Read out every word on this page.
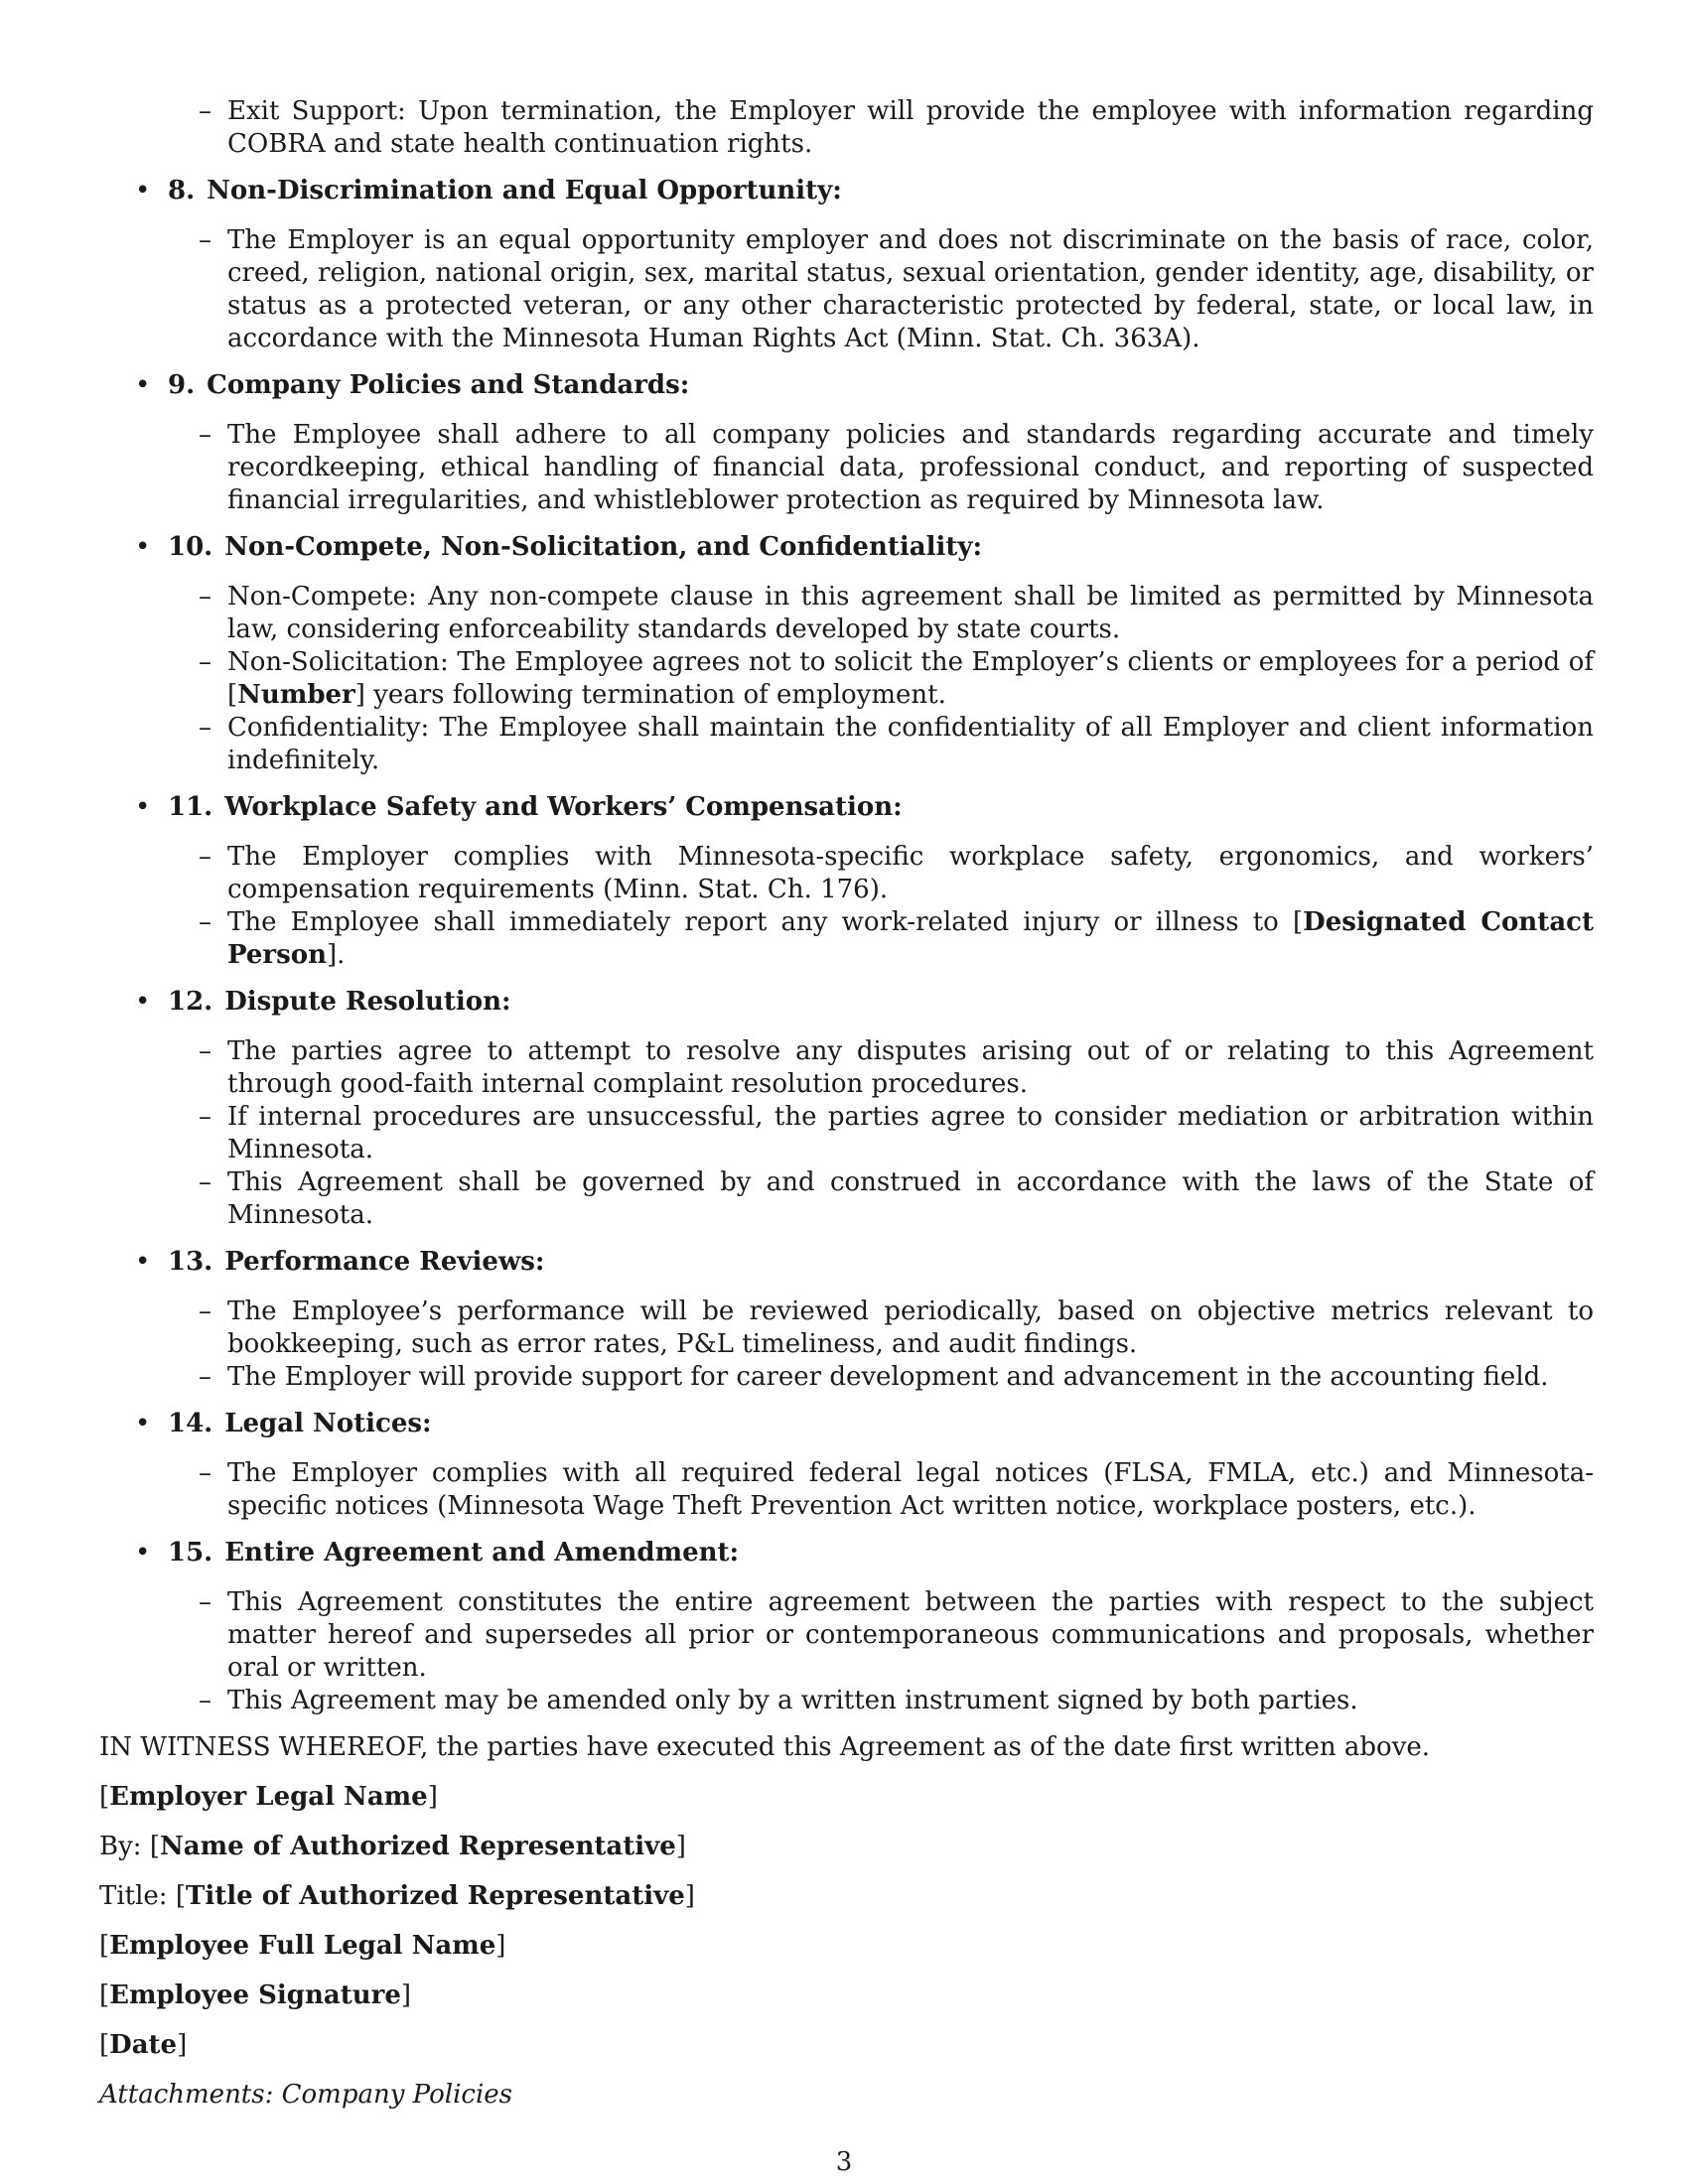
– Exit Support: Upon termination, the Employer will provide the employee with information regarding COBRA and state health continuation rights.
• 8. Non-Discrimination and Equal Opportunity:
– The Employer is an equal opportunity employer and does not discriminate on the basis of race, color, creed, religion, national origin, sex, marital status, sexual orientation, gender identity, age, disability, or status as a protected veteran, or any other characteristic protected by federal, state, or local law, in accordance with the Minnesota Human Rights Act (Minn. Stat. Ch. 363A).
• 9. Company Policies and Standards:
– The Employee shall adhere to all company policies and standards regarding accurate and timely recordkeeping, ethical handling of financial data, professional conduct, and reporting of suspected financial irregularities, and whistleblower protection as required by Minnesota law.
• 10. Non-Compete, Non-Solicitation, and Confidentiality:
– Non-Compete: Any non-compete clause in this agreement shall be limited as permitted by Minnesota law, considering enforceability standards developed by state courts.
– Non-Solicitation: The Employee agrees not to solicit the Employer’s clients or employees for a period of [Number] years following termination of employment.
– Confidentiality: The Employee shall maintain the confidentiality of all Employer and client information indefinitely.
• 11. Workplace Safety and Workers’ Compensation:
– The Employer complies with Minnesota-specific workplace safety, ergonomics, and workers’ compensation requirements (Minn. Stat. Ch. 176).
– The Employee shall immediately report any work-related injury or illness to [Designated Contact Person].
• 12. Dispute Resolution:
– The parties agree to attempt to resolve any disputes arising out of or relating to this Agreement through good-faith internal complaint resolution procedures.
– If internal procedures are unsuccessful, the parties agree to consider mediation or arbitration within Minnesota.
– This Agreement shall be governed by and construed in accordance with the laws of the State of Minnesota.
• 13. Performance Reviews:
– The Employee’s performance will be reviewed periodically, based on objective metrics relevant to bookkeeping, such as error rates, P&L timeliness, and audit findings.
– The Employer will provide support for career development and advancement in the accounting field.
• 14. Legal Notices:
– The Employer complies with all required federal legal notices (FLSA, FMLA, etc.) and Minnesota-specific notices (Minnesota Wage Theft Prevention Act written notice, workplace posters, etc.).
• 15. Entire Agreement and Amendment:
– This Agreement constitutes the entire agreement between the parties with respect to the subject matter hereof and supersedes all prior or contemporaneous communications and proposals, whether oral or written.
– This Agreement may be amended only by a written instrument signed by both parties.
IN WITNESS WHEREOF, the parties have executed this Agreement as of the date first written above.
[Employer Legal Name]
By: [Name of Authorized Representative]
Title: [Title of Authorized Representative]
[Employee Full Legal Name]
[Employee Signature]
[Date]
Attachments: Company Policies
3
